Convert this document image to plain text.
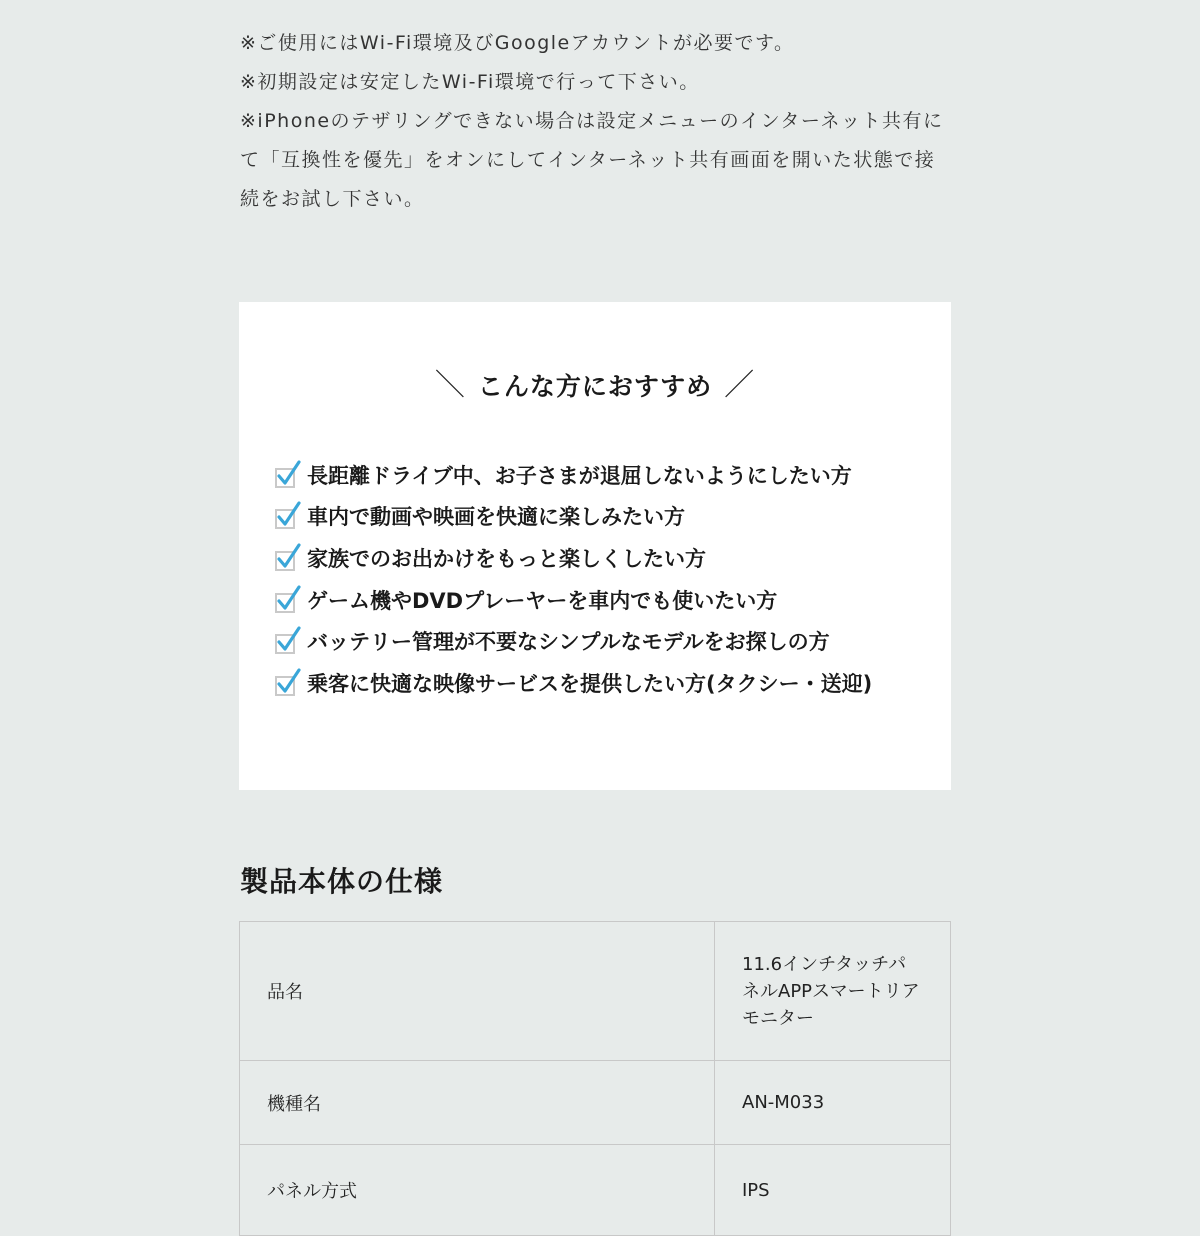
※ご使用にはWi-Fi環境及びGoogleアカウントが必要です。

※初期設定は安定したWi-Fi環境で行って下さい。

※iPhoneのテザリングできない場合は設定メニューのインターネット共有にて「互換性を優先」をオンにしてインターネット共有画面を開いた状態で接続をお試し下さい。

＼ こんな方におすすめ ／
長距離ドライブ中、お子さまが退屈しないようにしたい方
車内で動画や映画を快適に楽しみたい方
家族でのお出かけをもっと楽しくしたい方
ゲーム機やDVDプレーヤーを車内でも使いたい方
バッテリー管理が不要なシンプルなモデルをお探しの方
乗客に快適な映像サービスを提供したい方(タクシー・送迎)
製品本体の仕様
品名	11.6インチタッチパネルAPPスマートリアモニター
機種名	AN-M033
パネル方式	IPS
